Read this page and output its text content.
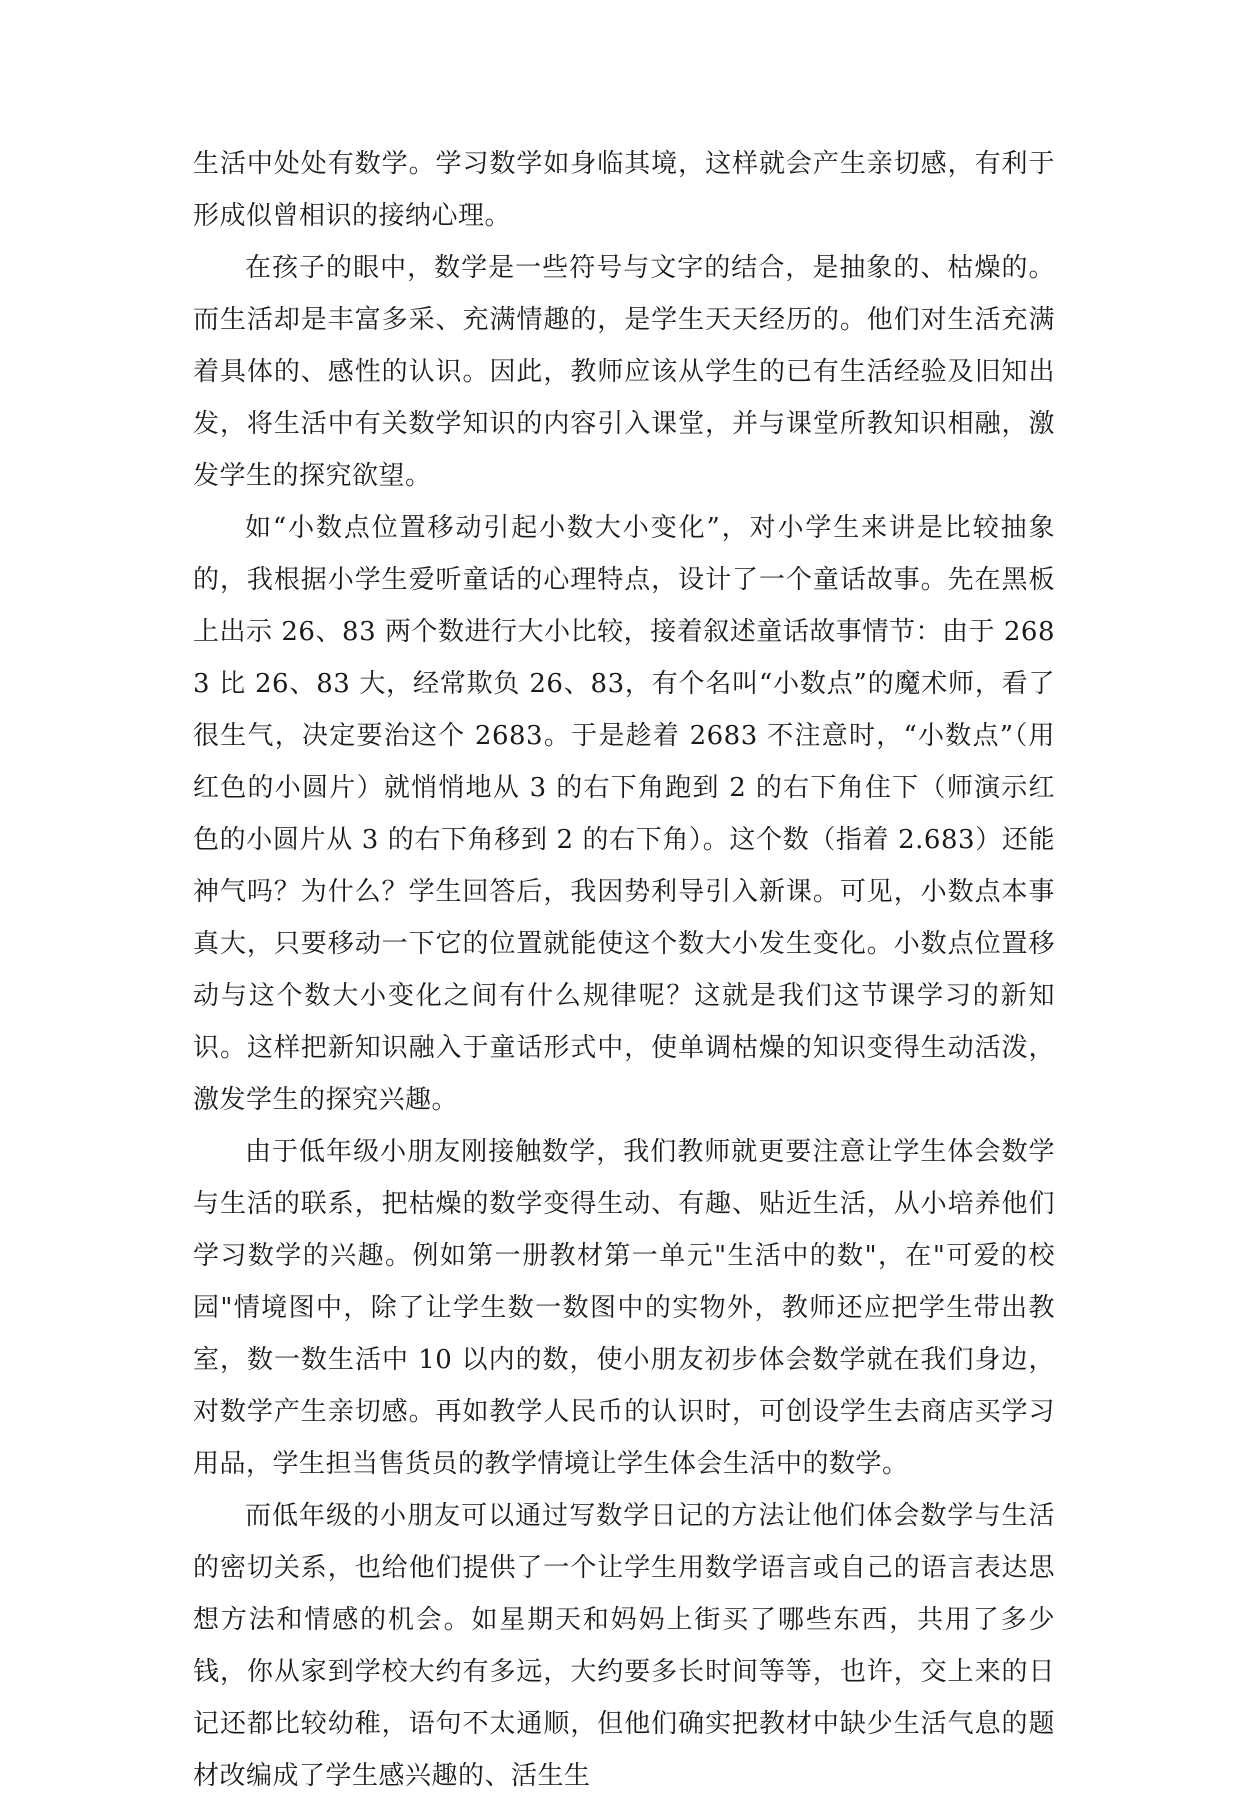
生活中处处有数学。学习数学如身临其境，这样就会产生亲切感，有利于形成似曾相识的接纳心理。

在孩子的眼中，数学是一些符号与文字的结合，是抽象的、枯燥的。而生活却是丰富多采、充满情趣的，是学生天天经历的。他们对生活充满着具体的、感性的认识。因此，教师应该从学生的已有生活经验及旧知出发，将生活中有关数学知识的内容引入课堂，并与课堂所教知识相融，激发学生的探究欲望。

如“小数点位置移动引起小数大小变化”，对小学生来讲是比较抽象的，我根据小学生爱听童话的心理特点，设计了一个童话故事。先在黑板上出示 26、83 两个数进行大小比较，接着叙述童话故事情节：由于 2683 比 26、83 大，经常欺负 26、83，有个名叫“小数点”的魔术师，看了很生气，决定要治这个 2683。于是趁着 2683 不注意时，“小数点”（用红色的小圆片）就悄悄地从 3 的右下角跑到 2 的右下角住下（师演示红色的小圆片从 3 的右下角移到 2 的右下角）。这个数（指着 2.683）还能神气吗？为什么？学生回答后，我因势利导引入新课。可见，小数点本事真大，只要移动一下它的位置就能使这个数大小发生变化。小数点位置移动与这个数大小变化之间有什么规律呢？这就是我们这节课学习的新知识。这样把新知识融入于童话形式中，使单调枯燥的知识变得生动活泼，激发学生的探究兴趣。

由于低年级小朋友刚接触数学，我们教师就更要注意让学生体会数学与生活的联系，把枯燥的数学变得生动、有趣、贴近生活，从小培养他们学习数学的兴趣。例如第一册教材第一单元"生活中的数"，在"可爱的校园"情境图中，除了让学生数一数图中的实物外，教师还应把学生带出教室，数一数生活中 10 以内的数，使小朋友初步体会数学就在我们身边，对数学产生亲切感。再如教学人民币的认识时，可创设学生去商店买学习用品，学生担当售货员的教学情境让学生体会生活中的数学。

而低年级的小朋友可以通过写数学日记的方法让他们体会数学与生活的密切关系，也给他们提供了一个让学生用数学语言或自己的语言表达思想方法和情感的机会。如星期天和妈妈上街买了哪些东西，共用了多少钱，你从家到学校大约有多远，大约要多长时间等等，也许，交上来的日记还都比较幼稚，语句不太通顺，但他们确实把教材中缺少生活气息的题材改编成了学生感兴趣的、活生生
